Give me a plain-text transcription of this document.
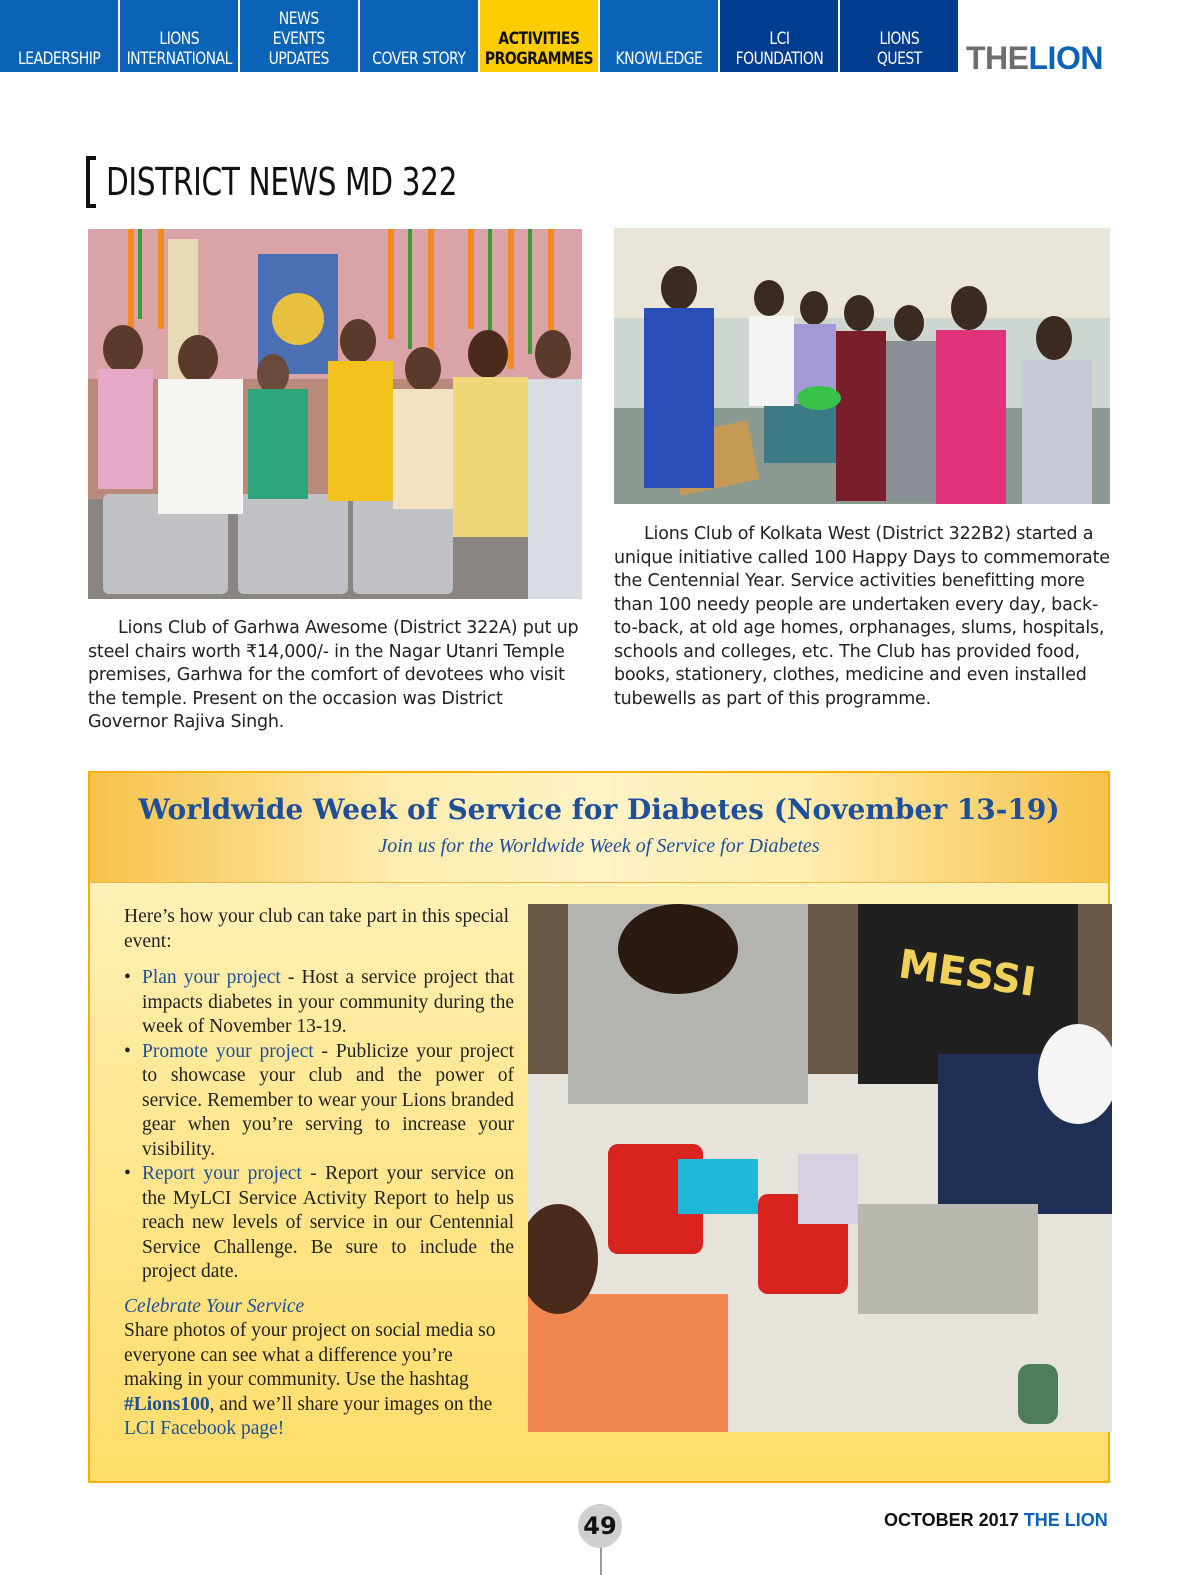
LEADERSHIP
LIONS
INTERNATIONAL
NEWS
EVENTS
UPDATES	COVER STORY
ACTIVITIES
PROGRAMMES KNOWLEDGE
LCI
FOUNDATION
LIONS
QUEST THELION
DISTRICT NEWS MD 322

Lions Club of Garhwa Awesome (District 322A) put up steel chairs worth ₹14,000/- in the Nagar Utanri Temple premises, Garhwa for the comfort of devotees who visit the temple. Present on the occasion was District Governor Rajiva Singh.

Lions Club of Kolkata West (District 322B2) started a unique initiative called 100 Happy Days to commemorate the Centennial Year. Service activities benefitting more than 100 needy people are undertaken every day, back-to-back, at old age homes, orphanages, slums, hospitals, schools and colleges, etc. The Club has provided food, books, stationery, clothes, medicine and even installed tubewells as part of this programme.

Worldwide Week of Service for Diabetes (November 13-19)
Join us for the Worldwide Week of Service for Diabetes

Here’s how your club can take part in this special event:

• Plan your project - Host a service project that impacts diabetes in your community during the week of November 13-19.

• Promote your project - Publicize your project to showcase your club and the power of service. Remember to wear your Lions branded gear when you’re serving to increase your visibility.

• Report your project - Report your service on the MyLCI Service Activity Report to help us reach new levels of service in our Centennial Service Challenge. Be sure to include the project date.

Celebrate Your Service

Share photos of your project on social media so everyone can see what a difference you’re making in your community. Use the hashtag #Lions100, and we’ll share your images on the LCI Facebook page!

MESSI
49	OCTOBER 2017 THE LION
